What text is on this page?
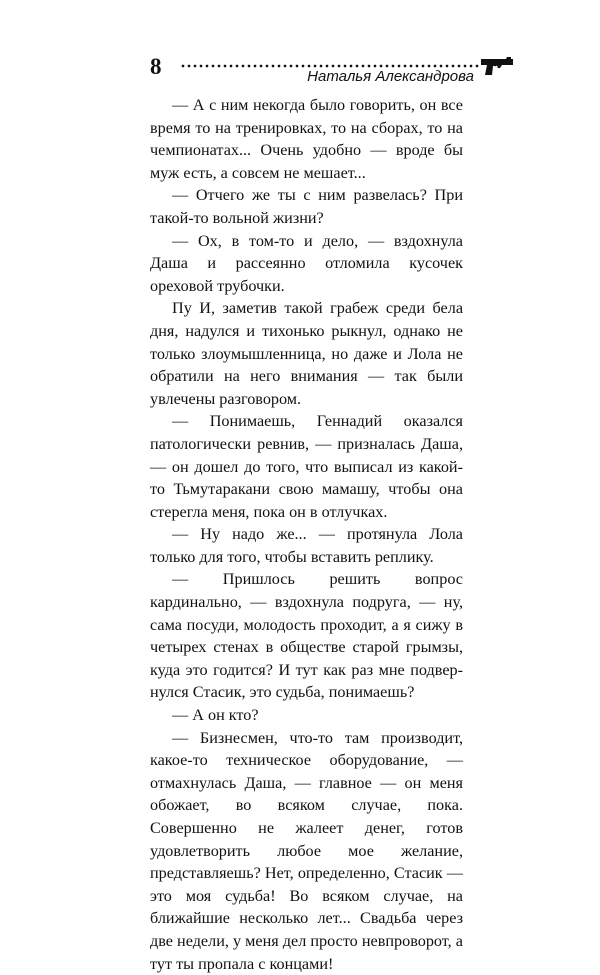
8	Наталья Александрова

— А с ним некогда было говорить, он все время то на тренировках, то на сборах, то на чемпионатах... Очень удобно — вроде бы муж есть, а совсем не мешает...

— Отчего же ты с ним развелась? При такой-то вольной жизни?

— Ох, в том-то и дело, — вздохнула Даша и рассеянно отломила кусочек ореховой трубочки.

Пу И, заметив такой грабеж среди бела дня, надулся и тихонько рыкнул, однако не только злоумышленница, но даже и Лола не обратили на него внимания — так были увлечены разговором.

— Понимаешь, Геннадий оказался патологически ревнив, — призналась Даша, — он дошел до того, что выписал из какой-то Тьмутаракани свою мамашу, чтобы она стерегла меня, пока он в отлучках.

— Ну надо же... — протянула Лола только для того, чтобы вставить реплику.

— Пришлось решить вопрос кардинально, — вздохнула подруга, — ну, сама посуди, молодость проходит, а я сижу в четырех стенах в обществе старой грымзы, куда это годится? И тут как раз мне подвернулся Стасик, это судьба, понимаешь?

— А он кто?

— Бизнесмен, что-то там производит, какое-то техническое оборудование, — отмахнулась Даша, — главное — он меня обожает, во всяком случае, пока. Совершенно не жалеет денег, готов удовлетворить любое мое желание, представляешь? Нет, определенно, Стасик — это моя судьба! Во всяком случае, на ближайшие несколько лет... Свадьба через две недели, у меня дел просто невпроворот, а тут ты пропала с концами!
